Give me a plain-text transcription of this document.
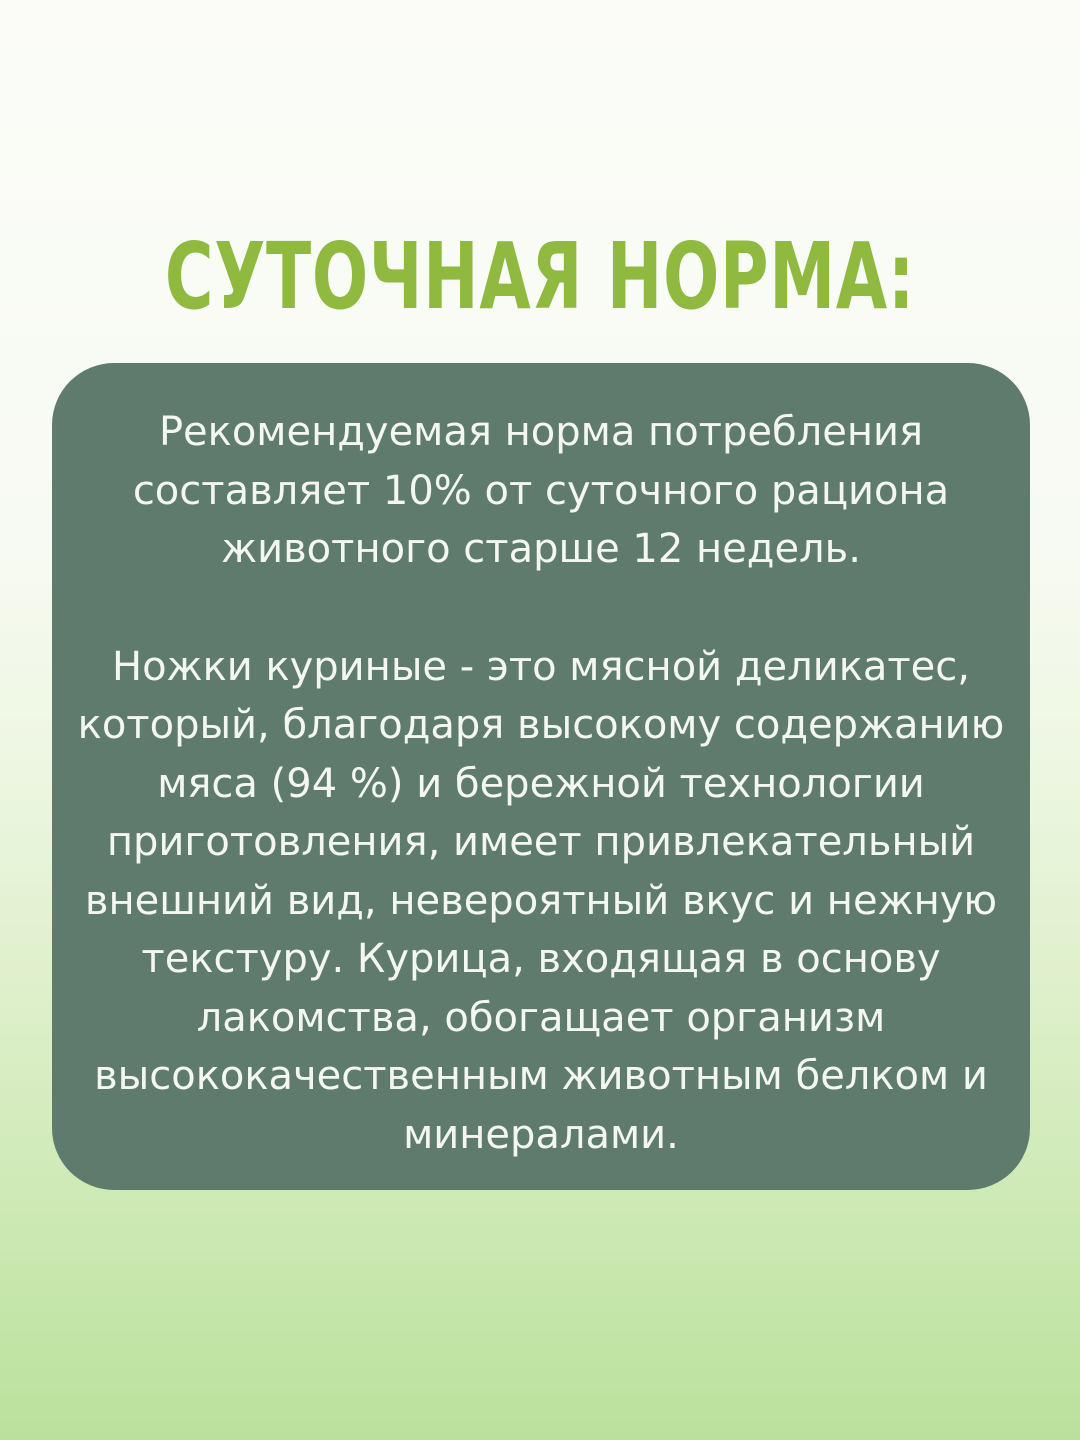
СУТОЧНАЯ НОРМА:

Рекомендуемая норма потребления
составляет 10% от суточного рациона
животного старше 12 недель.

Ножки куриные - это мясной деликатес,
который, благодаря высокому содержанию
мяса (94 %) и бережной технологии
приготовления, имеет привлекательный
внешний вид, невероятный вкус и нежную
текстуру. Курица, входящая в основу
лакомства, обогащает организм
высококачественным животным белком и
минералами.
